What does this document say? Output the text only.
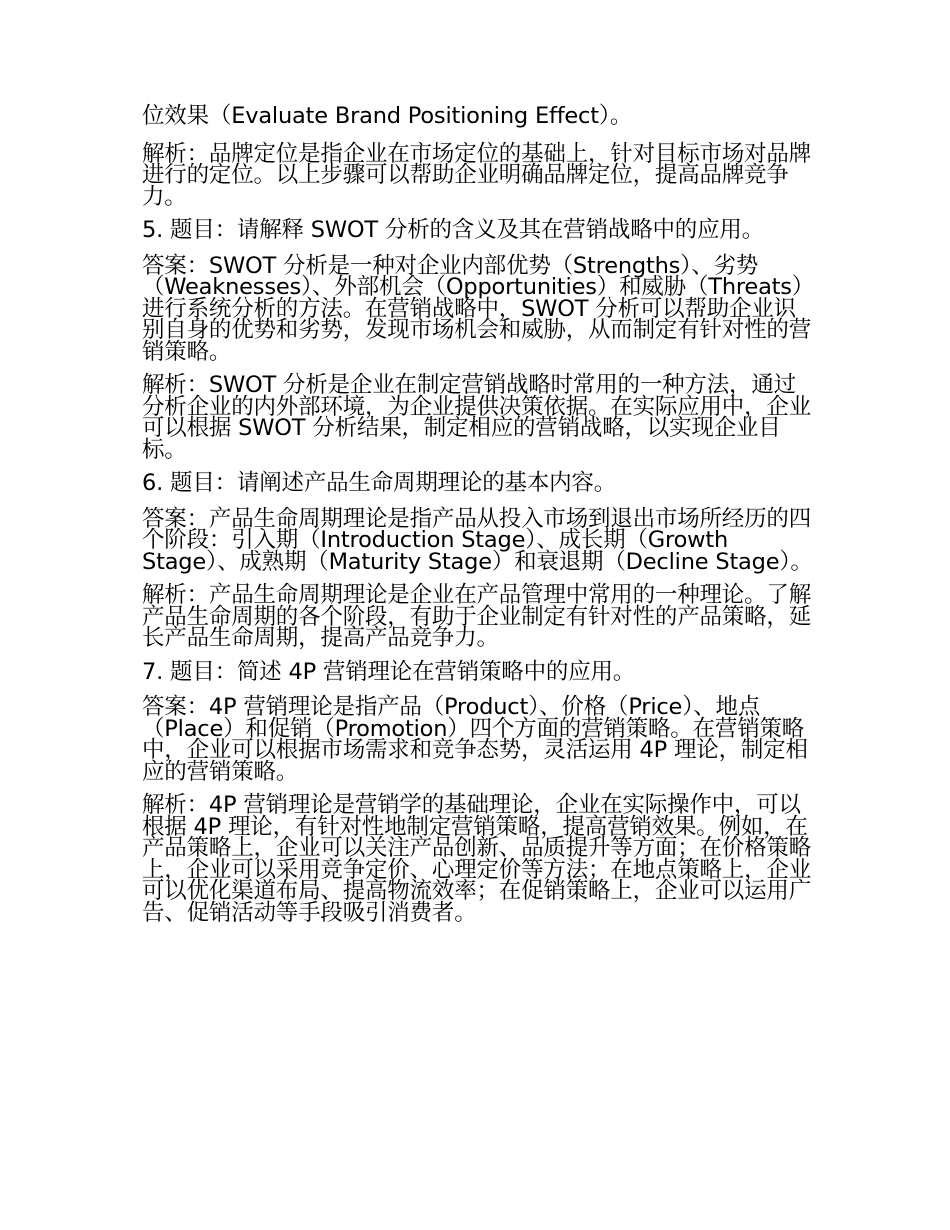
位效果（Evaluate Brand Positioning Effect）。

解析：品牌定位是指企业在市场定位的基础上，针对目标市场对品牌进行的定位。以上步骤可以帮助企业明确品牌定位，提高品牌竞争力。

5. 题目：请解释 SWOT 分析的含义及其在营销战略中的应用。

答案：SWOT 分析是一种对企业内部优势（Strengths）、劣势（Weaknesses）、外部机会（Opportunities）和威胁（Threats）进行系统分析的方法。在营销战略中，SWOT 分析可以帮助企业识别自身的优势和劣势，发现市场机会和威胁，从而制定有针对性的营销策略。

解析：SWOT 分析是企业在制定营销战略时常用的一种方法，通过分析企业的内外部环境，为企业提供决策依据。在实际应用中，企业可以根据 SWOT 分析结果，制定相应的营销战略，以实现企业目标。

6. 题目：请阐述产品生命周期理论的基本内容。

答案：产品生命周期理论是指产品从投入市场到退出市场所经历的四个阶段：引入期（Introduction Stage）、成长期（Growth Stage）、成熟期（Maturity Stage）和衰退期（Decline Stage）。

解析：产品生命周期理论是企业在产品管理中常用的一种理论。了解产品生命周期的各个阶段，有助于企业制定有针对性的产品策略，延长产品生命周期，提高产品竞争力。

7. 题目：简述 4P 营销理论在营销策略中的应用。

答案：4P 营销理论是指产品（Product）、价格（Price）、地点（Place）和促销（Promotion）四个方面的营销策略。在营销策略中，企业可以根据市场需求和竞争态势，灵活运用 4P 理论，制定相应的营销策略。

解析：4P 营销理论是营销学的基础理论，企业在实际操作中，可以根据 4P 理论，有针对性地制定营销策略，提高营销效果。例如，在产品策略上，企业可以关注产品创新、品质提升等方面；在价格策略上，企业可以采用竞争定价、心理定价等方法；在地点策略上，企业可以优化渠道布局、提高物流效率；在促销策略上，企业可以运用广告、促销活动等手段吸引消费者。
